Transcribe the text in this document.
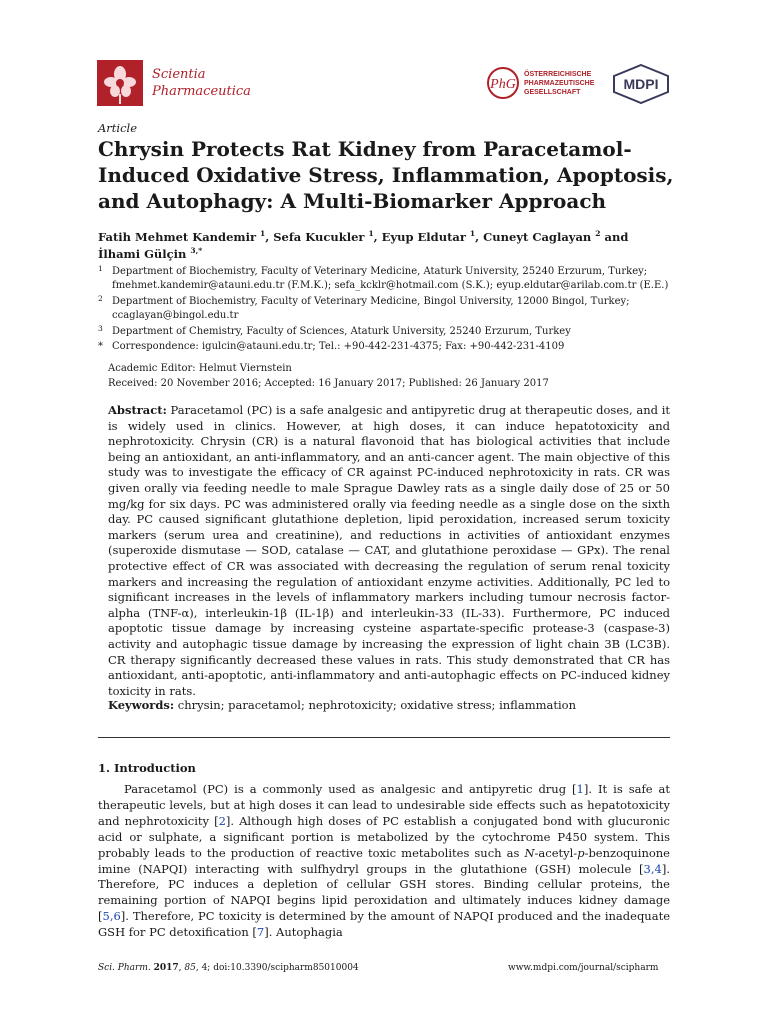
Scientia
Pharmaceutica	PhG
ÖSTERREICHISCHE
PHARMAZEUTISCHE
GESELLSCHAFT
MDPI
Article
Chrysin Protects Rat Kidney from Paracetamol-Induced Oxidative Stress, Inflammation, Apoptosis, and Autophagy: A Multi-Biomarker Approach
Fatih Mehmet Kandemir $^1$, Sefa Kucukler $^1$, Eyup Eldutar $^1$, Cuneyt Caglayan $^2$ and
İlhami Gülçin $^{3,*}$
1 Department of Biochemistry, Faculty of Veterinary Medicine, Ataturk University, 25240 Erzurum, Turkey;
fmehmet.kandemir@atauni.edu.tr (F.M.K.); sefa_kcklr@hotmail.com (S.K.); eyup.eldutar@arilab.com.tr (E.E.)
2 Department of Biochemistry, Faculty of Veterinary Medicine, Bingol University, 12000 Bingol, Turkey;
ccaglayan@bingol.edu.tr
3 Department of Chemistry, Faculty of Sciences, Ataturk University, 25240 Erzurum, Turkey
* Correspondence: igulcin@atauni.edu.tr; Tel.: +90-442-231-4375; Fax: +90-442-231-4109
Academic Editor: Helmut Viernstein
Received: 20 November 2016; Accepted: 16 January 2017; Published: 26 January 2017
Abstract: Paracetamol (PC) is a safe analgesic and antipyretic drug at therapeutic doses, and it is widely used in clinics. However, at high doses, it can induce hepatotoxicity and nephrotoxicity. Chrysin (CR) is a natural flavonoid that has biological activities that include being an antioxidant, an anti-inflammatory, and an anti-cancer agent. The main objective of this study was to investigate the efficacy of CR against PC-induced nephrotoxicity in rats. CR was given orally via feeding needle to male Sprague Dawley rats as a single daily dose of 25 or 50 mg/kg for six days. PC was administered orally via feeding needle as a single dose on the sixth day. PC caused significant glutathione depletion, lipid peroxidation, increased serum toxicity markers (serum urea and creatinine), and reductions in activities of antioxidant enzymes (superoxide dismutase — SOD, catalase — CAT, and glutathione peroxidase — GPx). The renal protective effect of CR was associated with decreasing the regulation of serum renal toxicity markers and increasing the regulation of antioxidant enzyme activities. Additionally, PC led to significant increases in the levels of inflammatory markers including tumour necrosis factor-alpha (TNF-α), interleukin-1β (IL-1β) and interleukin-33 (IL-33). Furthermore, PC induced apoptotic tissue damage by increasing cysteine aspartate-specific protease-3 (caspase-3) activity and autophagic tissue damage by increasing the expression of light chain 3B (LC3B). CR therapy significantly decreased these values in rats. This study demonstrated that CR has antioxidant, anti-apoptotic, anti-inflammatory and anti-autophagic effects on PC-induced kidney toxicity in rats.
Keywords: chrysin; paracetamol; nephrotoxicity; oxidative stress; inflammation
1. Introduction
Paracetamol (PC) is a commonly used as analgesic and antipyretic drug [1]. It is safe at therapeutic levels, but at high doses it can lead to undesirable side effects such as hepatotoxicity and nephrotoxicity [2]. Although high doses of PC establish a conjugated bond with glucuronic acid or sulphate, a significant portion is metabolized by the cytochrome P450 system. This probably leads to the production of reactive toxic metabolites such as N-acetyl-p-benzoquinone imine (NAPQI) interacting with sulfhydryl groups in the glutathione (GSH) molecule [3,4]. Therefore, PC induces a depletion of cellular GSH stores. Binding cellular proteins, the remaining portion of NAPQI begins lipid peroxidation and ultimately induces kidney damage [5,6]. Therefore, PC toxicity is determined by the amount of NAPQI produced and the inadequate GSH for PC detoxification [7]. Autophagia
Sci. Pharm. 2017, 85, 4; doi:10.3390/scipharm85010004	www.mdpi.com/journal/scipharm
